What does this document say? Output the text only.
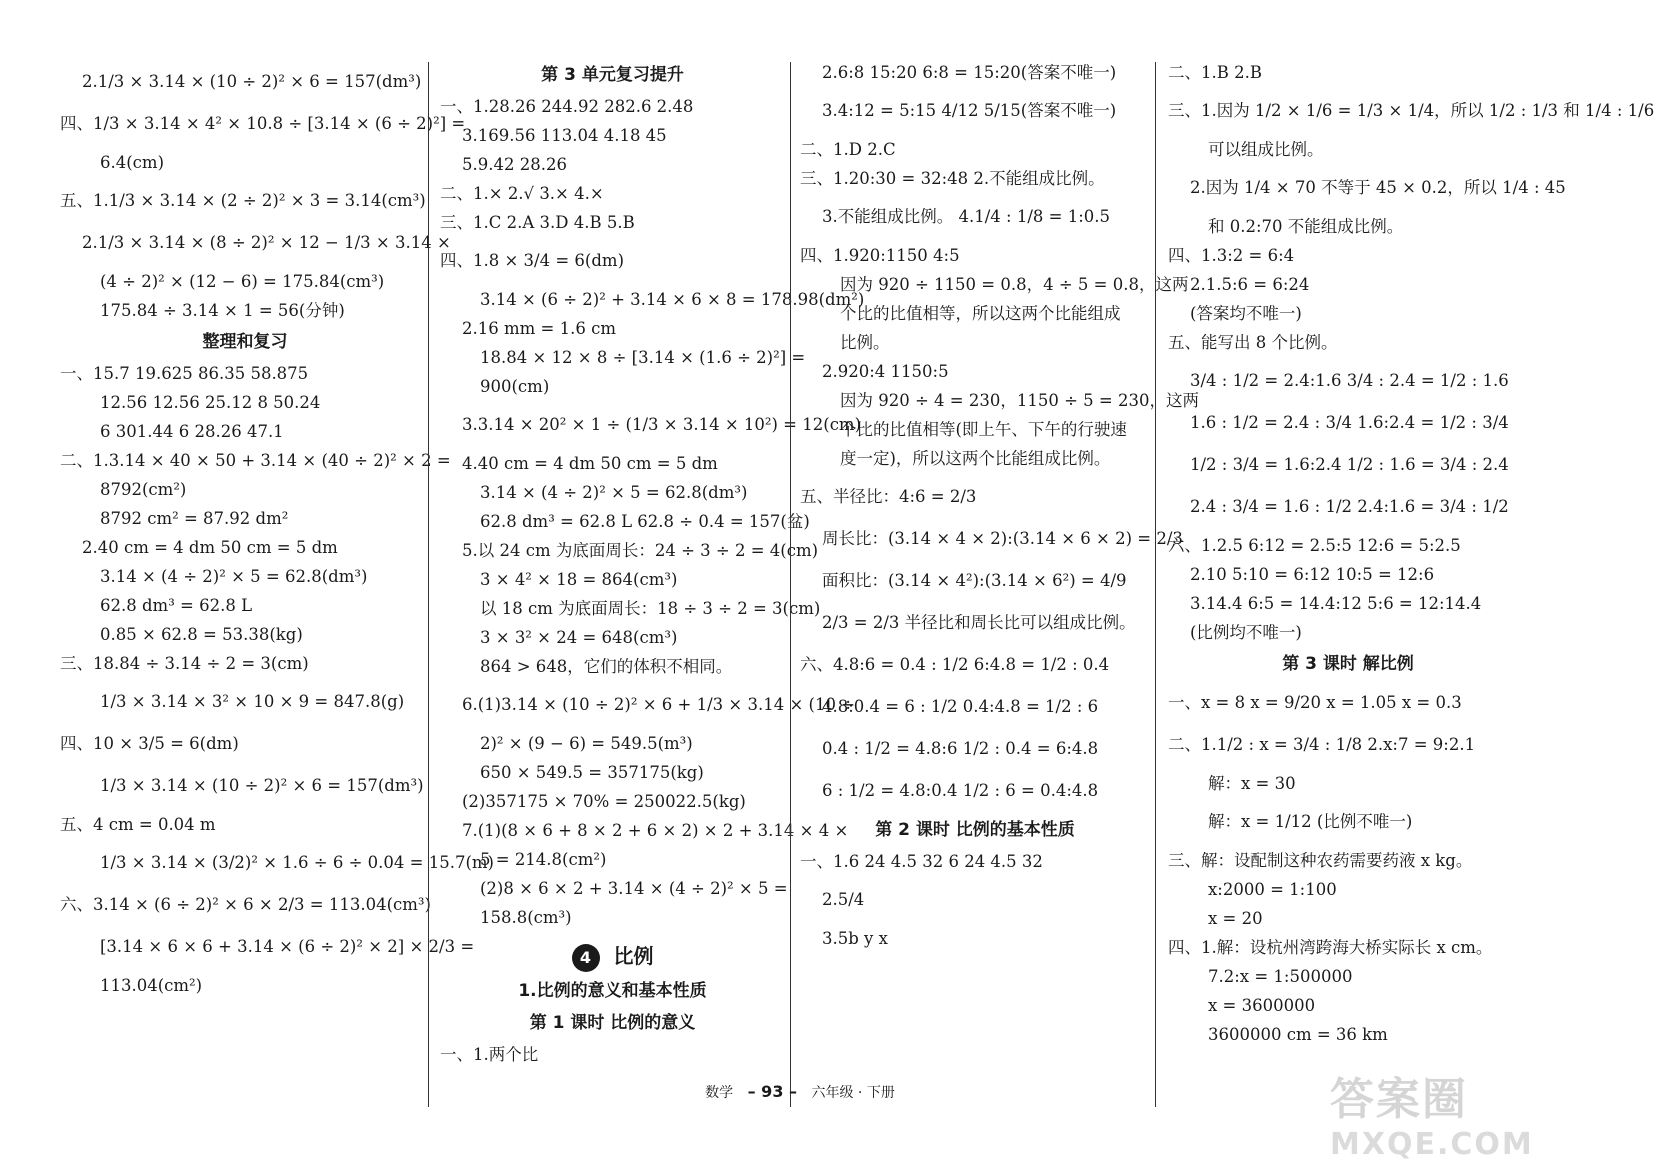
2.1/3 × 3.14 × (10 ÷ 2)² × 6 = 157(dm³)
四、1/3 × 3.14 × 4² × 10.8 ÷ [3.14 × (6 ÷ 2)²] =
6.4(cm)
五、1.1/3 × 3.14 × (2 ÷ 2)² × 3 = 3.14(cm³)
2.1/3 × 3.14 × (8 ÷ 2)² × 12 − 1/3 × 3.14 ×
(4 ÷ 2)² × (12 − 6) = 175.84(cm³)
175.84 ÷ 3.14 × 1 = 56(分钟)
整理和复习
一、15.7 19.625 86.35 58.875
12.56 12.56 25.12 8 50.24
6 301.44 6 28.26 47.1
二、1.3.14 × 40 × 50 + 3.14 × (40 ÷ 2)² × 2 =
8792(cm²)
8792 cm² = 87.92 dm²
2.40 cm = 4 dm 50 cm = 5 dm
3.14 × (4 ÷ 2)² × 5 = 62.8(dm³)
62.8 dm³ = 62.8 L
0.85 × 62.8 = 53.38(kg)
三、18.84 ÷ 3.14 ÷ 2 = 3(cm)
1/3 × 3.14 × 3² × 10 × 9 = 847.8(g)
四、10 × 3/5 = 6(dm)
1/3 × 3.14 × (10 ÷ 2)² × 6 = 157(dm³)
五、4 cm = 0.04 m
1/3 × 3.14 × (3/2)² × 1.6 ÷ 6 ÷ 0.04 = 15.7(m)
六、3.14 × (6 ÷ 2)² × 6 × 2/3 = 113.04(cm³)
[3.14 × 6 × 6 + 3.14 × (6 ÷ 2)² × 2] × 2/3 =
113.04(cm²)
第 3 单元复习提升
一、1.28.26 244.92 282.6 2.48
3.169.56 113.04 4.18 45
5.9.42 28.26
二、1.× 2.√ 3.× 4.×
三、1.C 2.A 3.D 4.B 5.B
四、1.8 × 3/4 = 6(dm)
3.14 × (6 ÷ 2)² + 3.14 × 6 × 8 = 178.98(dm²)
2.16 mm = 1.6 cm
18.84 × 12 × 8 ÷ [3.14 × (1.6 ÷ 2)²] =
900(cm)
3.3.14 × 20² × 1 ÷ (1/3 × 3.14 × 10²) = 12(cm)
4.40 cm = 4 dm 50 cm = 5 dm
3.14 × (4 ÷ 2)² × 5 = 62.8(dm³)
62.8 dm³ = 62.8 L 62.8 ÷ 0.4 = 157(盆)
5.以 24 cm 为底面周长：24 ÷ 3 ÷ 2 = 4(cm)
3 × 4² × 18 = 864(cm³)
以 18 cm 为底面周长：18 ÷ 3 ÷ 2 = 3(cm)
3 × 3² × 24 = 648(cm³)
864 > 648，它们的体积不相同。
6.(1)3.14 × (10 ÷ 2)² × 6 + 1/3 × 3.14 × (10 ÷
2)² × (9 − 6) = 549.5(m³)
650 × 549.5 = 357175(kg)
(2)357175 × 70% = 250022.5(kg)
7.(1)(8 × 6 + 8 × 2 + 6 × 2) × 2 + 3.14 × 4 ×
5 = 214.8(cm²)
(2)8 × 6 × 2 + 3.14 × (4 ÷ 2)² × 5 =
158.8(cm³)
4 比例
1.比例的意义和基本性质
第 1 课时 比例的意义
一、1.两个比
2.6:8 15:20 6:8 = 15:20(答案不唯一)
3.4:12 = 5:15 4/12 5/15(答案不唯一)
二、1.D 2.C
三、1.20:30 = 32:48 2.不能组成比例。
3.不能组成比例。 4.1/4 : 1/8 = 1:0.5
四、1.920:1150 4:5
因为 920 ÷ 1150 = 0.8，4 ÷ 5 = 0.8，这两
个比的比值相等，所以这两个比能组成
比例。
2.920:4 1150:5
因为 920 ÷ 4 = 230，1150 ÷ 5 = 230，这两
个比的比值相等(即上午、下午的行驶速
度一定)，所以这两个比能组成比例。
五、半径比：4:6 = 2/3
周长比：(3.14 × 4 × 2):(3.14 × 6 × 2) = 2/3
面积比：(3.14 × 4²):(3.14 × 6²) = 4/9
2/3 = 2/3 半径比和周长比可以组成比例。
六、4.8:6 = 0.4 : 1/2 6:4.8 = 1/2 : 0.4
4.8:0.4 = 6 : 1/2 0.4:4.8 = 1/2 : 6
0.4 : 1/2 = 4.8:6 1/2 : 0.4 = 6:4.8
6 : 1/2 = 4.8:0.4 1/2 : 6 = 0.4:4.8
第 2 课时 比例的基本性质
一、1.6 24 4.5 32 6 24 4.5 32
2.5/4
3.5b y x
二、1.B 2.B
三、1.因为 1/2 × 1/6 = 1/3 × 1/4，所以 1/2 : 1/3 和 1/4 : 1/6
可以组成比例。
2.因为 1/4 × 70 不等于 45 × 0.2，所以 1/4 : 45
和 0.2:70 不能组成比例。
四、1.3:2 = 6:4
2.1.5:6 = 6:24
(答案均不唯一)
五、能写出 8 个比例。
3/4 : 1/2 = 2.4:1.6 3/4 : 2.4 = 1/2 : 1.6
1.6 : 1/2 = 2.4 : 3/4 1.6:2.4 = 1/2 : 3/4
1/2 : 3/4 = 1.6:2.4 1/2 : 1.6 = 3/4 : 2.4
2.4 : 3/4 = 1.6 : 1/2 2.4:1.6 = 3/4 : 1/2
六、1.2.5 6:12 = 2.5:5 12:6 = 5:2.5
2.10 5:10 = 6:12 10:5 = 12:6
3.14.4 6:5 = 14.4:12 5:6 = 12:14.4
(比例均不唯一)
第 3 课时 解比例
一、x = 8 x = 9/20 x = 1.05 x = 0.3
二、1.1/2 : x = 3/4 : 1/8 2.x:7 = 9:2.1
解：x = 30
解：x = 1/12 (比例不唯一)
三、解：设配制这种农药需要药液 x kg。
x:2000 = 1:100
x = 20
四、1.解：设杭州湾跨海大桥实际长 x cm。
7.2:x = 1:500000
x = 3600000
3600000 cm = 36 km
数学 – 93 – 六年级 · 下册	答案圈
MXQE.COM
